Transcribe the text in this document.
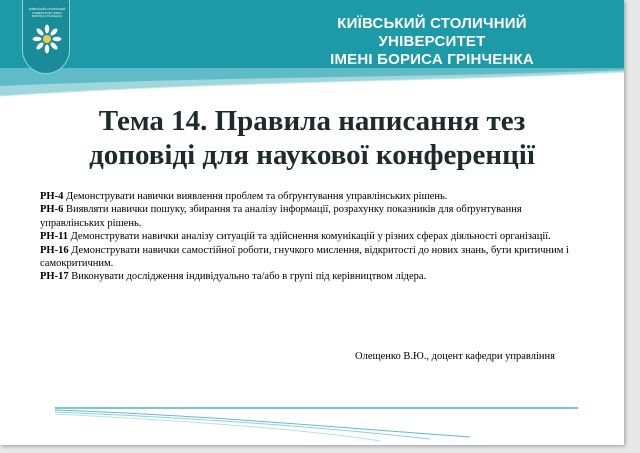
КИЇВСЬКИЙ СТОЛИЧНИЙ УНІВЕРСИТЕТ ІМЕНІ БОРИСА ГРІНЧЕНКА	КИЇВСЬКИЙ СТОЛИЧНИЙ УНІВЕРСИТЕТ
ІМЕНІ БОРИСА ГРІНЧЕНКА
Тема 14. Правила написання тез
доповіді для наукової конференції

РН-4 Демонструвати навички виявлення проблем та обґрунтування управлінських рішень.

РН-6 Виявляти навички пошуку, збирання та аналізу інформації, розрахунку показників для обґрунтування управлінських рішень.

РН-11 Демонструвати навички аналізу ситуацій та здійснення комунікацій у різних сферах діяльності організації.

РН-16 Демонструвати навички самостійної роботи, гнучкого мислення, відкритості до нових знань, бути критичним і самокритичним.

РН-17 Виконувати дослідження індивідуально та/або в групі під керівництвом лідера.

Олещенко В.Ю., доцент кафедри управління
